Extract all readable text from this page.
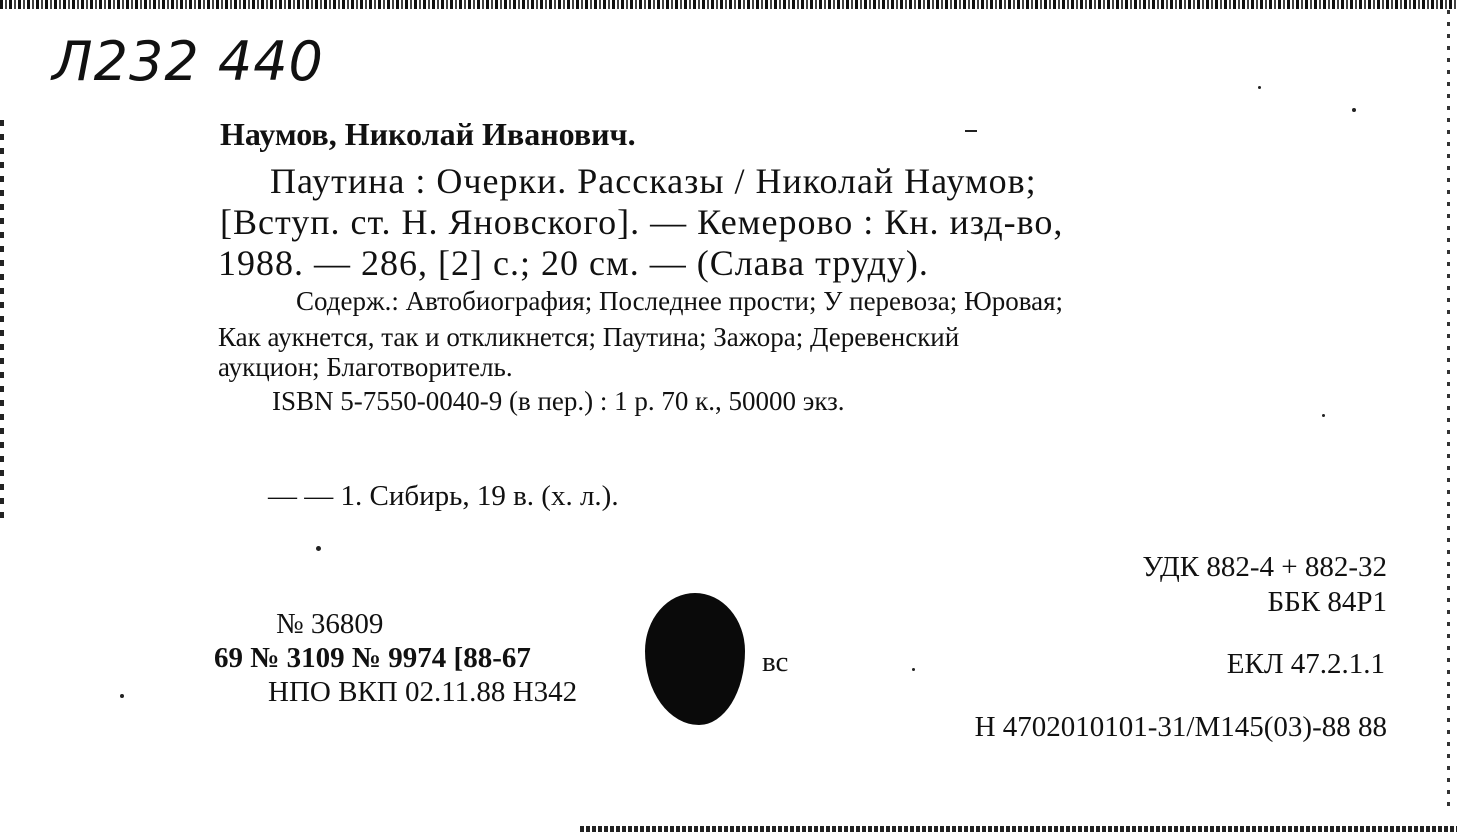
Л232 440
Наумов, Николай Иванович.
Паутина : Очерки. Рассказы / Николай Наумов;
[Вступ. ст. Н. Яновского]. — Кемерово : Кн. изд-во,
1988. — 286, [2] с.; 20 см. — (Слава труду).
Содерж.: Автобиография; Последнее прости; У перевоза; Юровая;
Как аукнется, так и откликнется; Паутина; Зажора; Деревенский
аукцион; Благотворитель.
ISBN 5-7550-0040-9 (в пер.) : 1 р. 70 к., 50000 экз.
— — 1. Сибирь, 19 в. (х. л.).
УДК 882-4 + 882-32
ББК 84Р1
ЕКЛ 47.2.1.1
Н 4702010101-31/М145(03)-88 88
№ 36809
69 № 3109 № 9974 [88-67	вс
НПО ВКП 02.11.88 Н342
